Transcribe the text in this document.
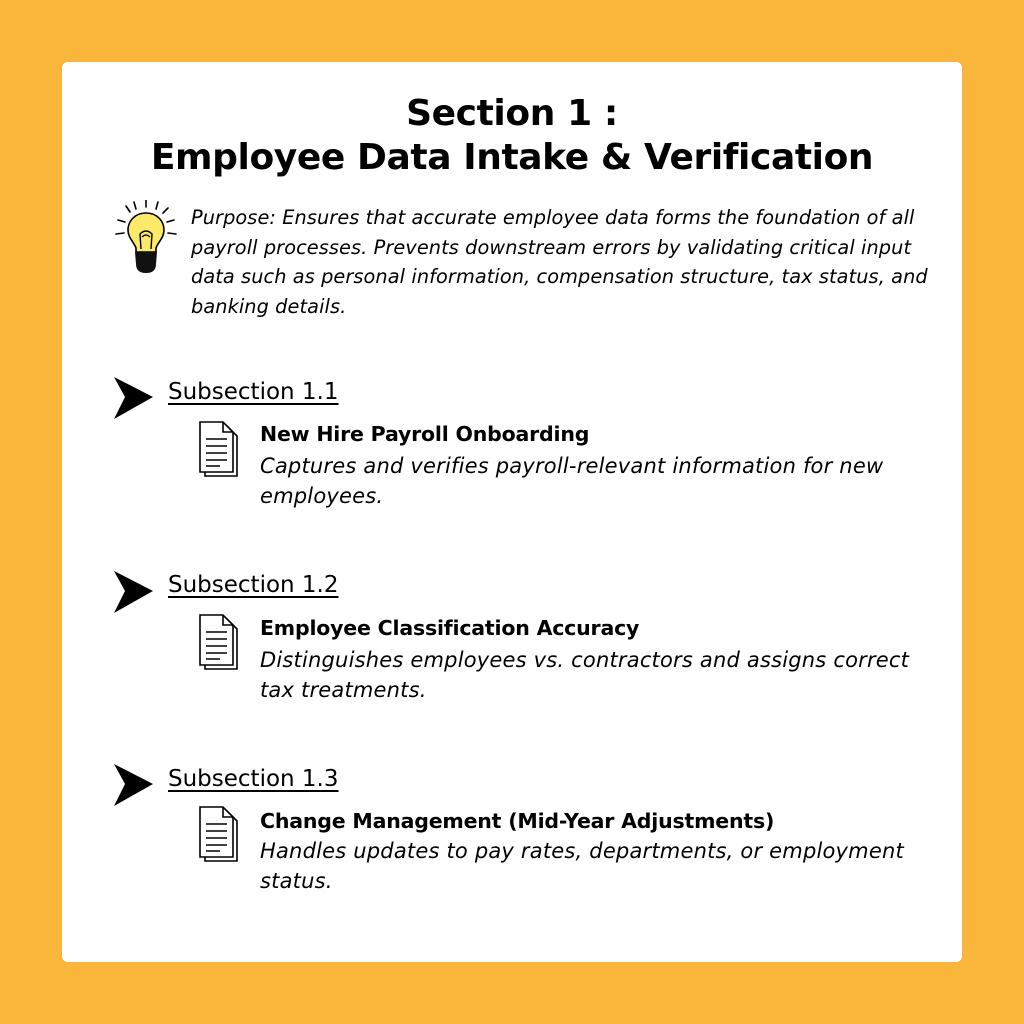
Section 1 :
Employee Data Intake & Verification
Purpose: Ensures that accurate employee data forms the foundation of all payroll processes. Prevents downstream errors by validating critical input data such as personal information, compensation structure, tax status, and banking details.
Subsection 1.1
New Hire Payroll Onboarding
Captures and verifies payroll-relevant information for new employees.
Subsection 1.2
Employee Classification Accuracy
Distinguishes employees vs. contractors and assigns correct tax treatments.
Subsection 1.3
Change Management (Mid-Year Adjustments)
Handles updates to pay rates, departments, or employment status.
